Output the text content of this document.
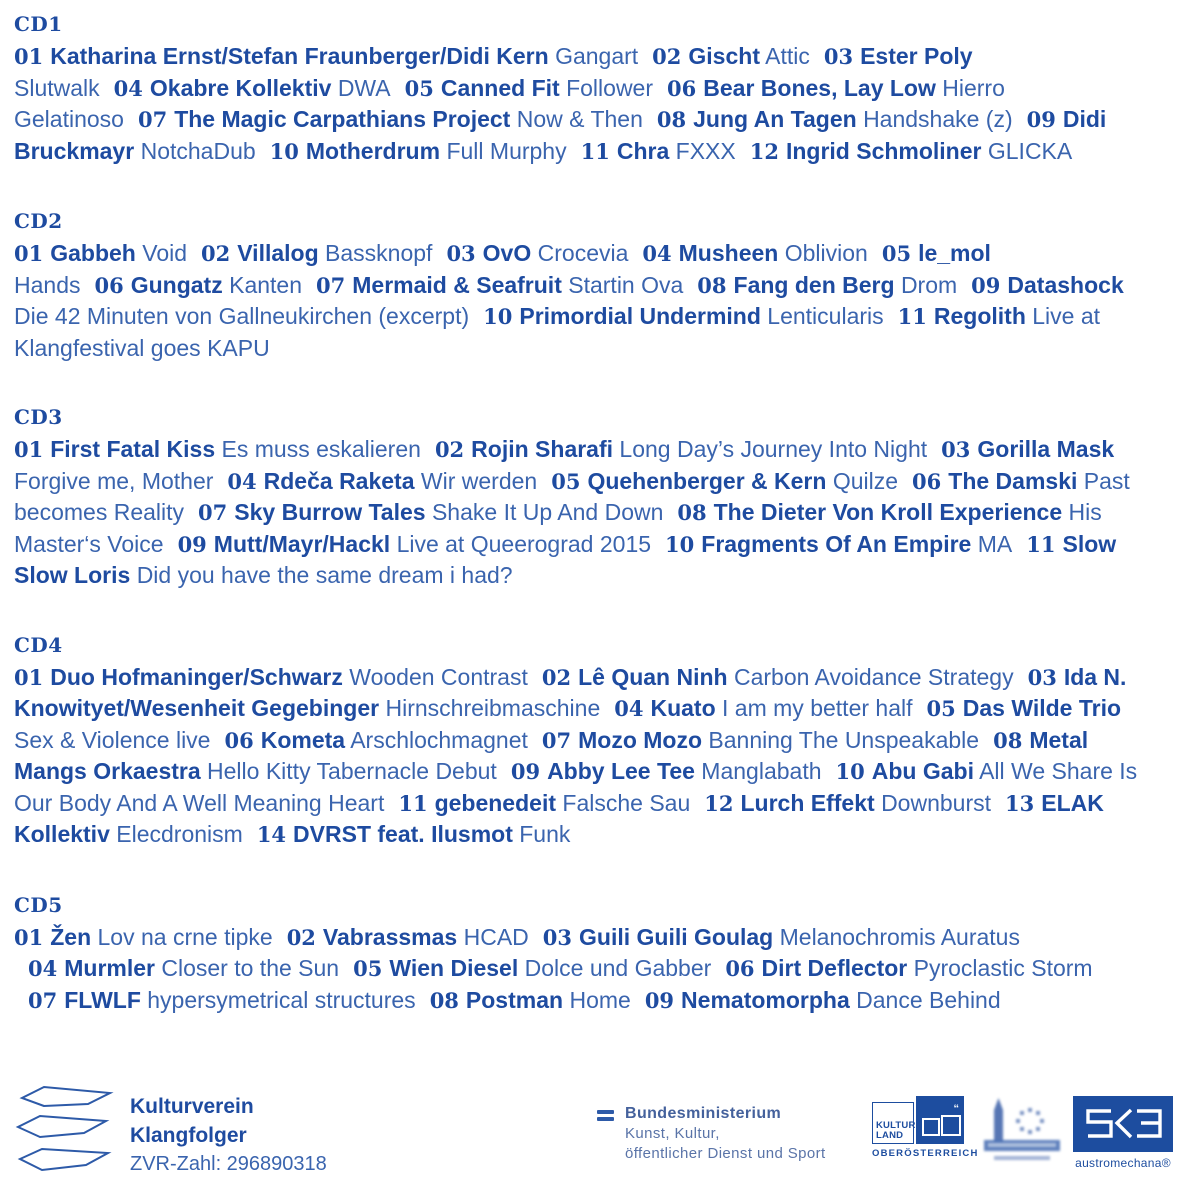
CD1

01 Katharina Ernst/Stefan Fraunberger/Didi Kern Gangart 02 Gischt Attic 03 Ester Poly Slutwalk 04 Okabre Kollektiv DWA 05 Canned Fit Follower 06 Bear Bones, Lay Low Hierro Gelatinoso 07 The Magic Carpathians Project Now & Then 08 Jung An Tagen Handshake (z) 09 Didi Bruckmayr NotchaDub 10 Motherdrum Full Murphy 11 Chra FXXX 12 Ingrid Schmoliner GLICKA

CD2

01 Gabbeh Void 02 Villalog Bassknopf 03 OvO Crocevia 04 Musheen Oblivion 05 le_mol Hands 06 Gungatz Kanten 07 Mermaid & Seafruit Startin Ova 08 Fang den Berg Drom 09 Datashock Die 42 Minuten von Gallneukirchen (excerpt) 10 Primordial Undermind Lenticularis 11 Regolith Live at Klangfestival goes KAPU

CD3

01 First Fatal Kiss Es muss eskalieren 02 Rojin Sharafi Long Day’s Journey Into Night 03 Gorilla Mask Forgive me, Mother 04 Rdeča Raketa Wir werden 05 Quehenberger & Kern Quilze 06 The Damski Past becomes Reality 07 Sky Burrow Tales Shake It Up And Down 08 The Dieter Von Kroll Experience His Master‘s Voice 09 Mutt/Mayr/Hackl Live at Queerograd 2015 10 Fragments Of An Empire MA 11 Slow Slow Loris Did you have the same dream i had?

CD4

01 Duo Hofmaninger/Schwarz Wooden Contrast 02 Lê Quan Ninh Carbon Avoidance Strategy 03 Ida N. Knowityet/Wesenheit Gegebinger Hirnschreibmaschine 04 Kuato I am my better half 05 Das Wilde Trio Sex & Violence live 06 Kometa Arschlochmagnet 07 Mozo Mozo Banning The Unspeakable 08 Metal Mangs Orkaestra Hello Kitty Tabernacle Debut 09 Abby Lee Tee Manglabath 10 Abu Gabi All We Share Is Our Body And A Well Meaning Heart 11 gebenedeit Falsche Sau 12 Lurch Effekt Downburst 13 ELAK Kollektiv Elecdronism 14 DVRST feat. Ilusmot Funk

CD5

01 Žen Lov na crne tipke 02 Vabrassmas HCAD 03 Guili Guili Goulag Melanochromis Auratus
04 Murmler Closer to the Sun 05 Wien Diesel Dolce und Gabber 06 Dirt Deflector Pyroclastic Storm
07 FLWLF hypersymetrical structures 08 Postman Home 09 Nematomorpha Dance Behind

Kulturverein
Klangfolger
ZVR-Zahl: 296890318
Bundesministerium
Kunst, Kultur,
öffentlicher Dienst und Sport
KULTUR
LAND
“
OBERÖSTERREICH
austromechana®
